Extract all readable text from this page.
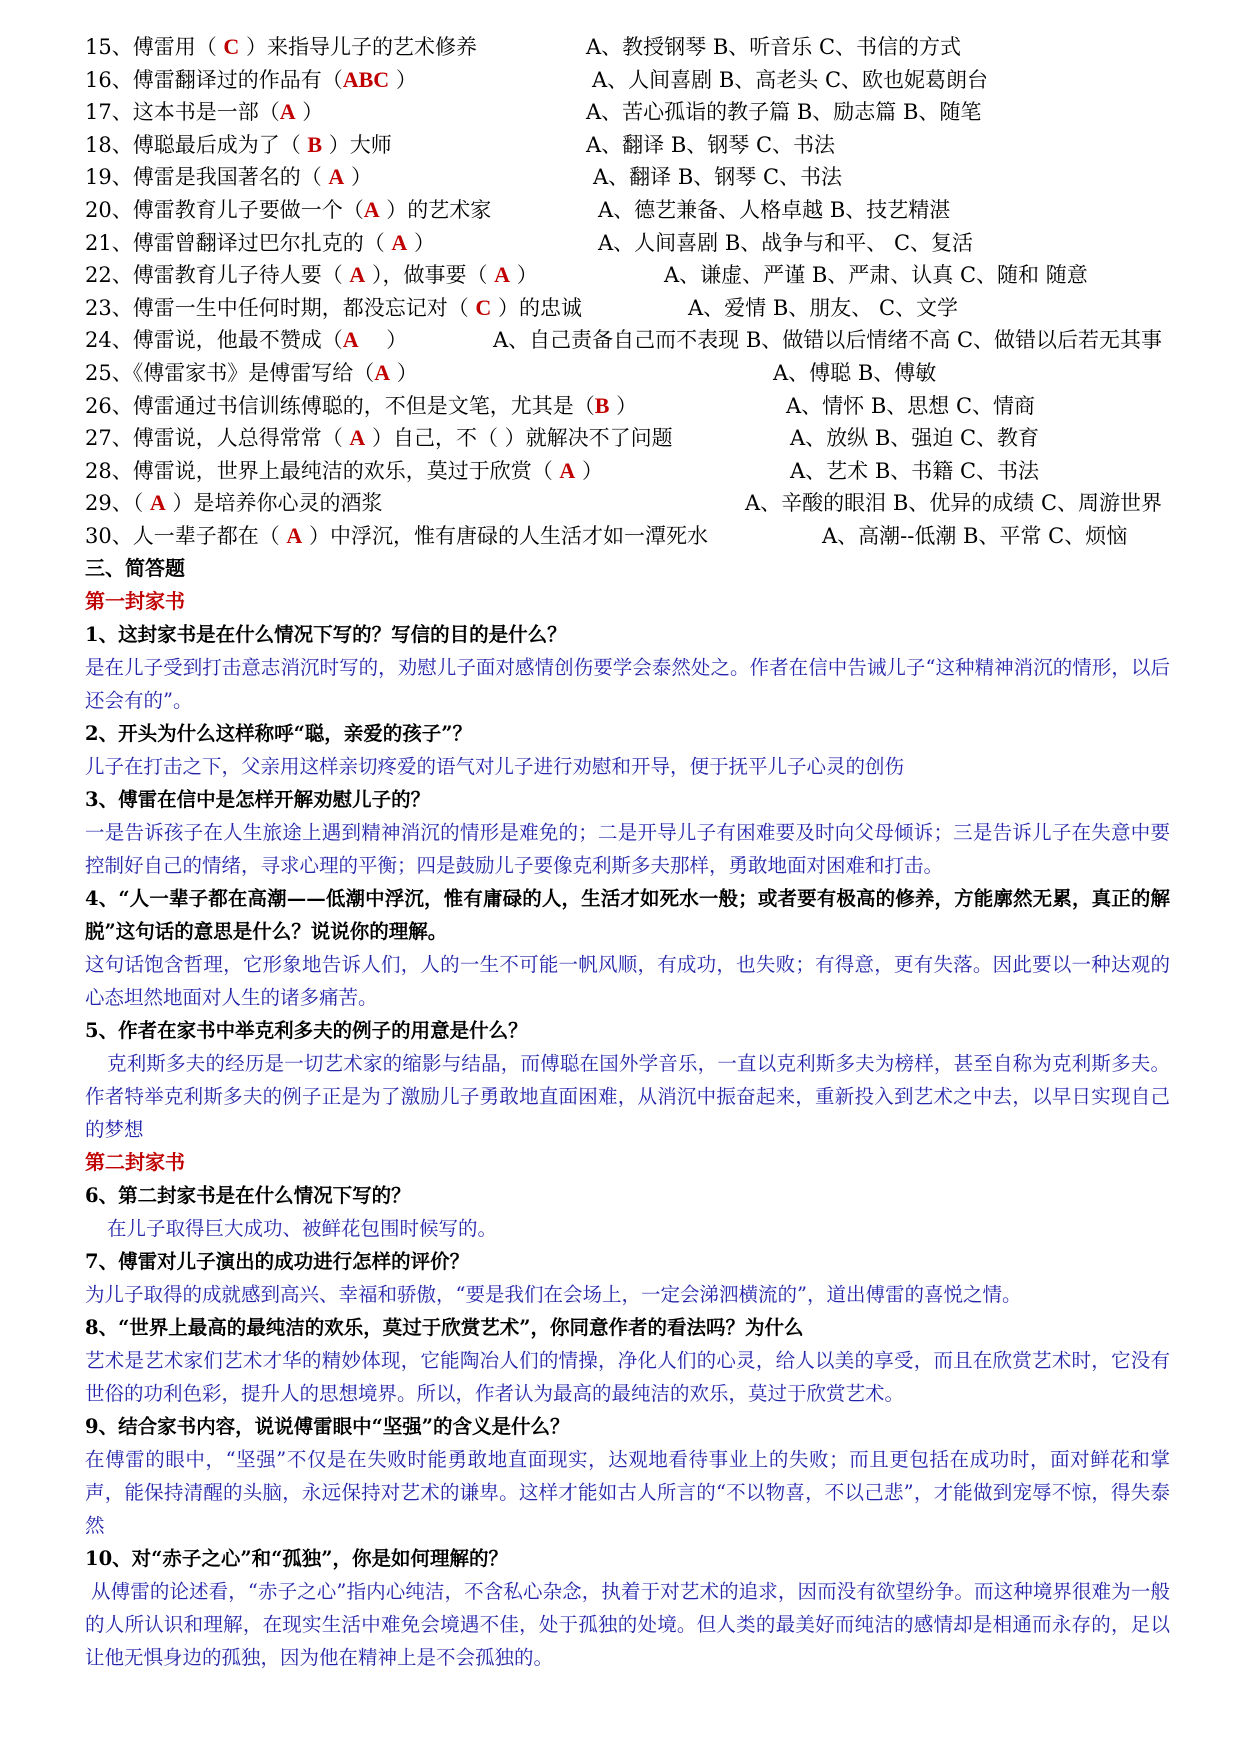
15、傅雷用（ C ）来指导儿子的艺术修养	A、教授钢琴 B、听音乐 C、书信的方式
16、傅雷翻译过的作品有（ABC ）	A、人间喜剧 B、高老头 C、欧也妮葛朗台
17、这本书是一部（A ）	A、苦心孤诣的教子篇 B、励志篇 B、随笔
18、傅聪最后成为了（ B ）大师	A、翻译 B、钢琴 C、书法
19、傅雷是我国著名的（ A ）	A、翻译 B、钢琴 C、书法
20、傅雷教育儿子要做一个（A ）的艺术家	A、德艺兼备、人格卓越 B、技艺精湛
21、傅雷曾翻译过巴尔扎克的（ A ）	A、人间喜剧 B、战争与和平、 C、复活
22、傅雷教育儿子待人要（ A ），做事要（ A ）	A、谦虚、严谨 B、严肃、认真 C、随和 随意
23、傅雷一生中任何时期，都没忘记对（ C ）的忠诚	A、爱情 B、朋友、 C、文学
24、傅雷说，他最不赞成（A　 ）	A、自己责备自己而不表现 B、做错以后情绪不高 C、做错以后若无其事
25、《傅雷家书》是傅雷写给（A ）	A、傅聪 B、傅敏
26、傅雷通过书信训练傅聪的，不但是文笔，尤其是（B ）	A、情怀 B、思想 C、情商
27、傅雷说，人总得常常（ A ）自己，不（ ）就解决不了问题	A、放纵 B、强迫 C、教育
28、傅雷说，世界上最纯洁的欢乐，莫过于欣赏（ A ）	A、艺术 B、书籍 C、书法
29、（ A ）是培养你心灵的酒浆	A、辛酸的眼泪 B、优异的成绩 C、周游世界
30、人一辈子都在（ A ）中浮沉，惟有唐碌的人生活才如一潭死水	A、高潮--低潮 B、平常 C、烦恼
三、简答题
第一封家书
1、这封家书是在什么情况下写的？写信的目的是什么？
是在儿子受到打击意志消沉时写的，劝慰儿子面对感情创伤要学会泰然处之。作者在信中告诫儿子“这种精神消沉的情形，以后还会有的”。
2、开头为什么这样称呼“聪，亲爱的孩子”？
儿子在打击之下，父亲用这样亲切疼爱的语气对儿子进行劝慰和开导，便于抚平儿子心灵的创伤
3、傅雷在信中是怎样开解劝慰儿子的？
一是告诉孩子在人生旅途上遇到精神消沉的情形是难免的；二是开导儿子有困难要及时向父母倾诉；三是告诉儿子在失意中要控制好自己的情绪，寻求心理的平衡；四是鼓励儿子要像克利斯多夫那样，勇敢地面对困难和打击。
4、“人一辈子都在高潮——低潮中浮沉，惟有庸碌的人，生活才如死水一般；或者要有极高的修养，方能廓然无累，真正的解脱”这句话的意思是什么？说说你的理解。
这句话饱含哲理，它形象地告诉人们，人的一生不可能一帆风顺，有成功，也失败；有得意，更有失落。因此要以一种达观的心态坦然地面对人生的诸多痛苦。
5、作者在家书中举克利多夫的例子的用意是什么？
克利斯多夫的经历是一切艺术家的缩影与结晶，而傅聪在国外学音乐，一直以克利斯多夫为榜样，甚至自称为克利斯多夫。作者特举克利斯多夫的例子正是为了激励儿子勇敢地直面困难，从消沉中振奋起来，重新投入到艺术之中去，以早日实现自己的梦想
第二封家书
6、第二封家书是在什么情况下写的？
在儿子取得巨大成功、被鲜花包围时候写的。
7、傅雷对儿子演出的成功进行怎样的评价？
为儿子取得的成就感到高兴、幸福和骄傲，“要是我们在会场上，一定会涕泗横流的”，道出傅雷的喜悦之情。
8、“世界上最高的最纯洁的欢乐，莫过于欣赏艺术”，你同意作者的看法吗？为什么
艺术是艺术家们艺术才华的精妙体现，它能陶冶人们的情操，净化人们的心灵，给人以美的享受，而且在欣赏艺术时，它没有世俗的功利色彩，提升人的思想境界。所以，作者认为最高的最纯洁的欢乐，莫过于欣赏艺术。
9、结合家书内容，说说傅雷眼中“坚强”的含义是什么？
在傅雷的眼中，“坚强”不仅是在失败时能勇敢地直面现实，达观地看待事业上的失败；而且更包括在成功时，面对鲜花和掌声，能保持清醒的头脑，永远保持对艺术的谦卑。这样才能如古人所言的“不以物喜，不以己悲”，才能做到宠辱不惊，得失泰然
10、对“赤子之心”和“孤独”，你是如何理解的？
从傅雷的论述看，“赤子之心”指内心纯洁，不含私心杂念，执着于对艺术的追求，因而没有欲望纷争。而这种境界很难为一般的人所认识和理解，在现实生活中难免会境遇不佳，处于孤独的处境。但人类的最美好而纯洁的感情却是相通而永存的，足以让他无惧身边的孤独，因为他在精神上是不会孤独的。
